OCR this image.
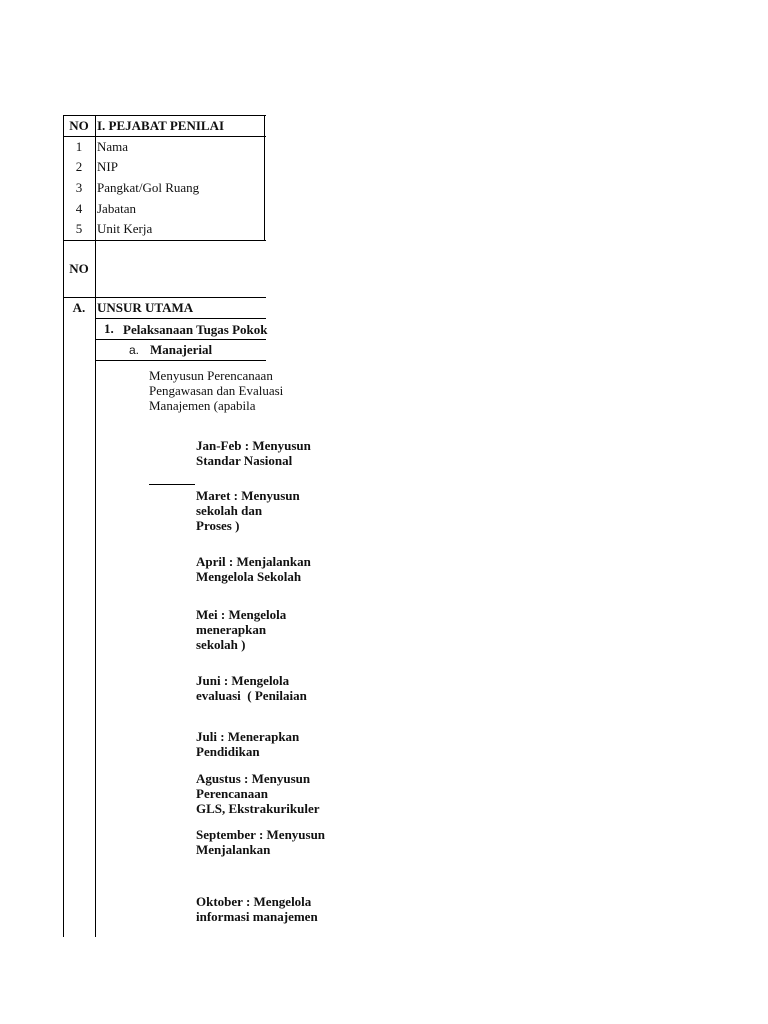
NO I. PEJABAT PENILAI
1	Nama
2	NIP
3	Pangkat/Gol Ruang
4	Jabatan
5	Unit Kerja
NO
A. UNSUR UTAMA
1. Pelaksanaan Tugas Pokok
a. Manajerial
Menyusun Perencanaan
Pengawasan dan Evaluasi
Manajemen (apabila
Jan-Feb : Menyusun
Standar Nasional
Maret : Menyusun
sekolah dan
Proses )
April : Menjalankan
Mengelola Sekolah
Mei : Mengelola
menerapkan
sekolah )
Juni : Mengelola
evaluasi  ( Penilaian
Juli : Menerapkan
Pendidikan
Agustus : Menyusun
Perencanaan
GLS, Ekstrakurikuler
September : Menyusun
Menjalankan
Oktober : Mengelola
informasi manajemen
